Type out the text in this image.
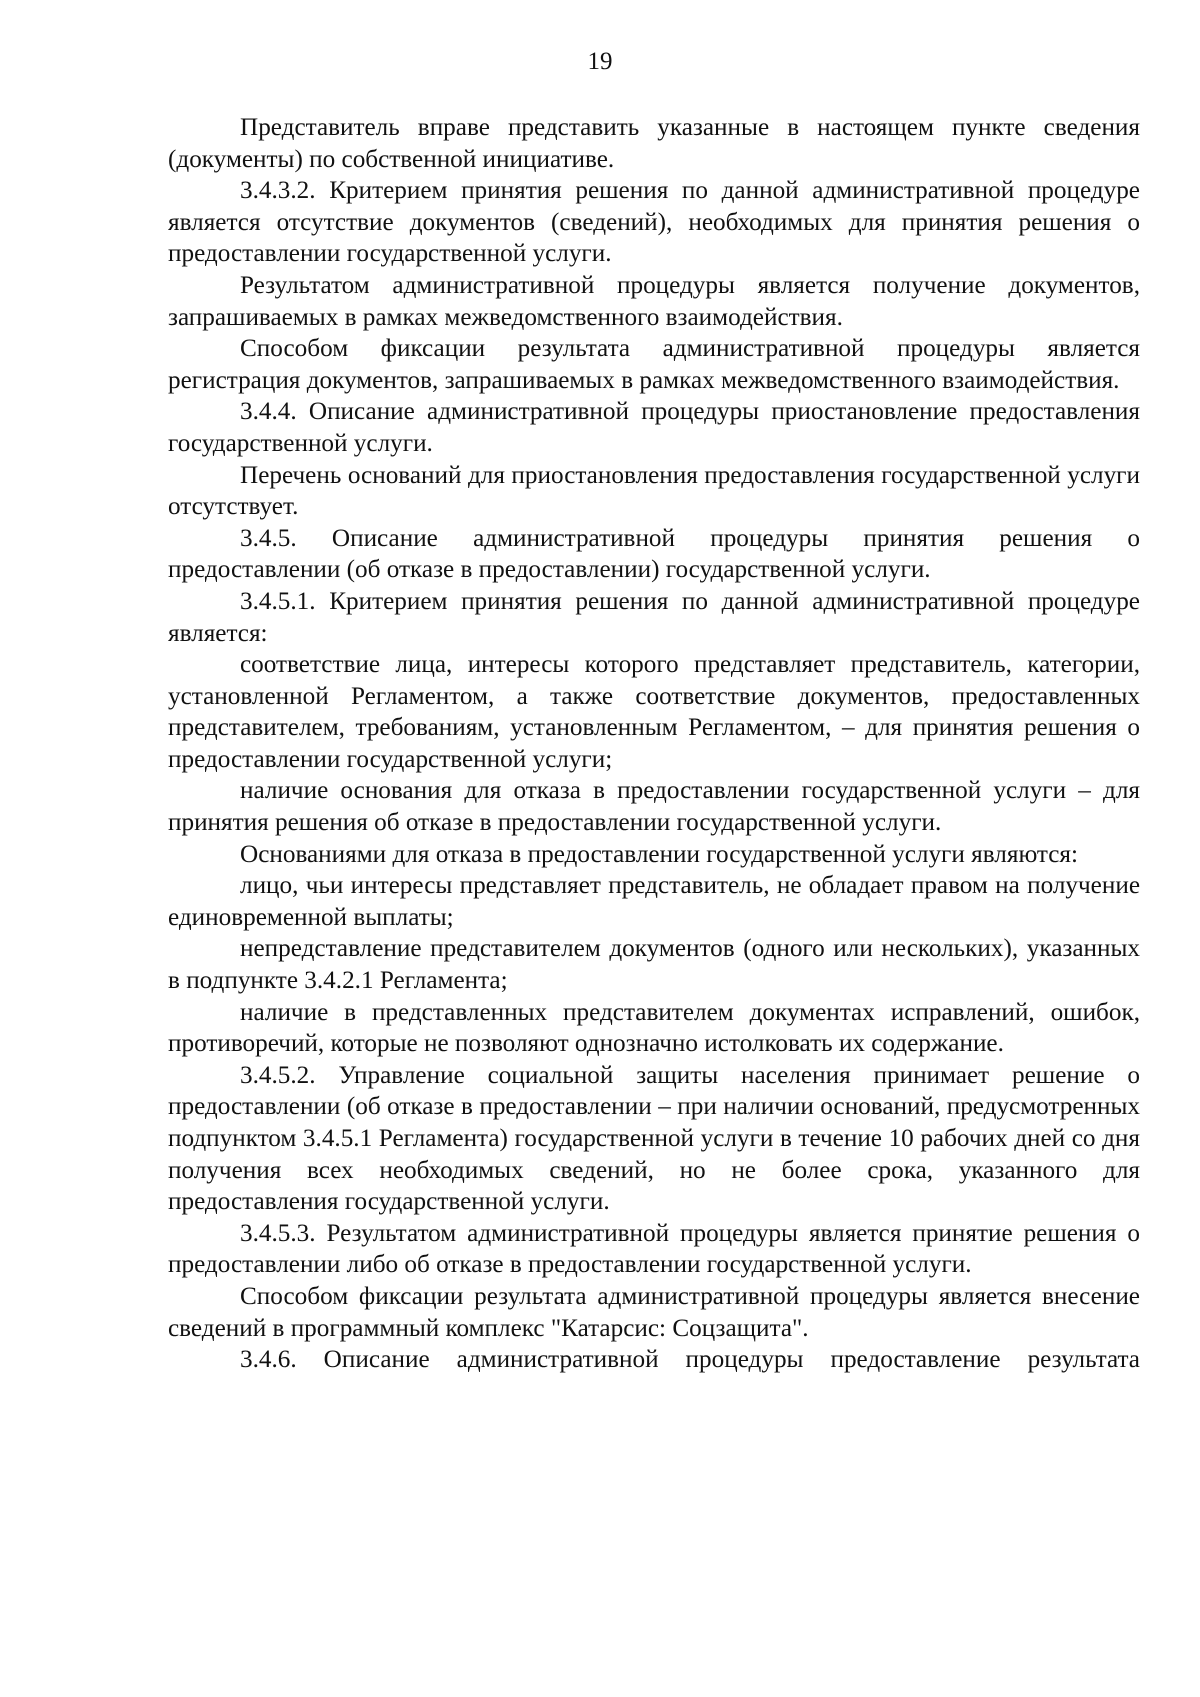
19

Представитель вправе представить указанные в настоящем пункте сведения (документы) по собственной инициативе.

3.4.3.2. Критерием принятия решения по данной административной процедуре является отсутствие документов (сведений), необходимых для принятия решения о предоставлении государственной услуги.

Результатом административной процедуры является получение документов, запрашиваемых в рамках межведомственного взаимодействия.

Способом фиксации результата административной процедуры является регистрация документов, запрашиваемых в рамках межведомственного взаимодействия.

3.4.4. Описание административной процедуры приостановление предоставления государственной услуги.

Перечень оснований для приостановления предоставления государственной услуги отсутствует.

3.4.5. Описание административной процедуры принятия решения о предоставлении (об отказе в предоставлении) государственной услуги.

3.4.5.1. Критерием принятия решения по данной административной процедуре является:

соответствие лица, интересы которого представляет представитель, категории, установленной Регламентом, а также соответствие документов, предоставленных представителем, требованиям, установленным Регламентом, – для принятия решения о предоставлении государственной услуги;

наличие основания для отказа в предоставлении государственной услуги – для принятия решения об отказе в предоставлении государственной услуги.

Основаниями для отказа в предоставлении государственной услуги являются:

лицо, чьи интересы представляет представитель, не обладает правом на получение единовременной выплаты;

непредставление представителем документов (одного или нескольких), указанных в подпункте 3.4.2.1 Регламента;

наличие в представленных представителем документах исправлений, ошибок, противоречий, которые не позволяют однозначно истолковать их содержание.

3.4.5.2. Управление социальной защиты населения принимает решение о предоставлении (об отказе в предоставлении – при наличии оснований, предусмотренных подпунктом 3.4.5.1 Регламента) государственной услуги в течение 10 рабочих дней со дня получения всех необходимых сведений, но не более срока, указанного для предоставления государственной услуги.

3.4.5.3. Результатом административной процедуры является принятие решения о предоставлении либо об отказе в предоставлении государственной услуги.

Способом фиксации результата административной процедуры является внесение сведений в программный комплекс "Катарсис: Соцзащита".

3.4.6. Описание административной процедуры предоставление результата
